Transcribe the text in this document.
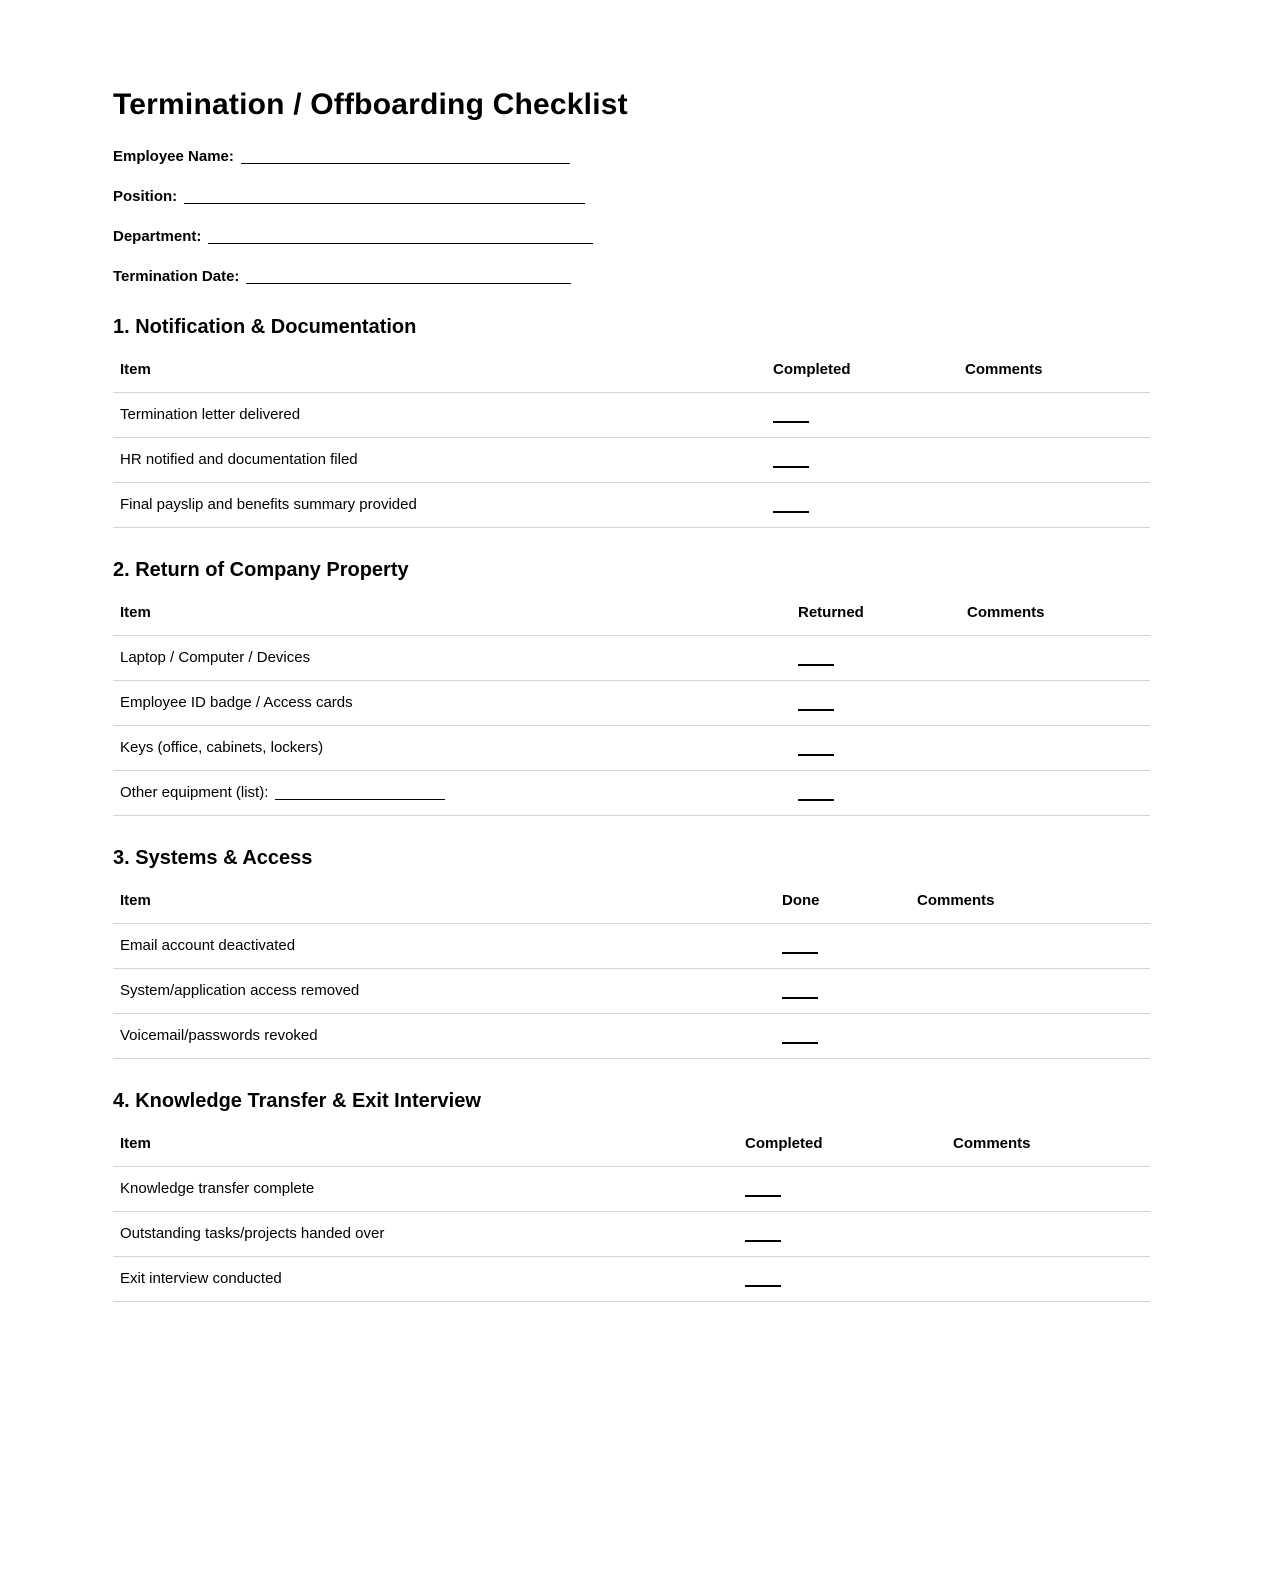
Termination / Offboarding Checklist
Employee Name:
Position:
Department:
Termination Date:
1. Notification & Documentation
Item	Completed	Comments
Termination letter delivered
HR notified and documentation filed
Final payslip and benefits summary provided
2. Return of Company Property
Item	Returned	Comments
Laptop / Computer / Devices
Employee ID badge / Access cards
Keys (office, cabinets, lockers)
Other equipment (list):
3. Systems & Access
Item	Done	Comments
Email account deactivated
System/application access removed
Voicemail/passwords revoked
4. Knowledge Transfer & Exit Interview
Item	Completed	Comments
Knowledge transfer complete
Outstanding tasks/projects handed over
Exit interview conducted
